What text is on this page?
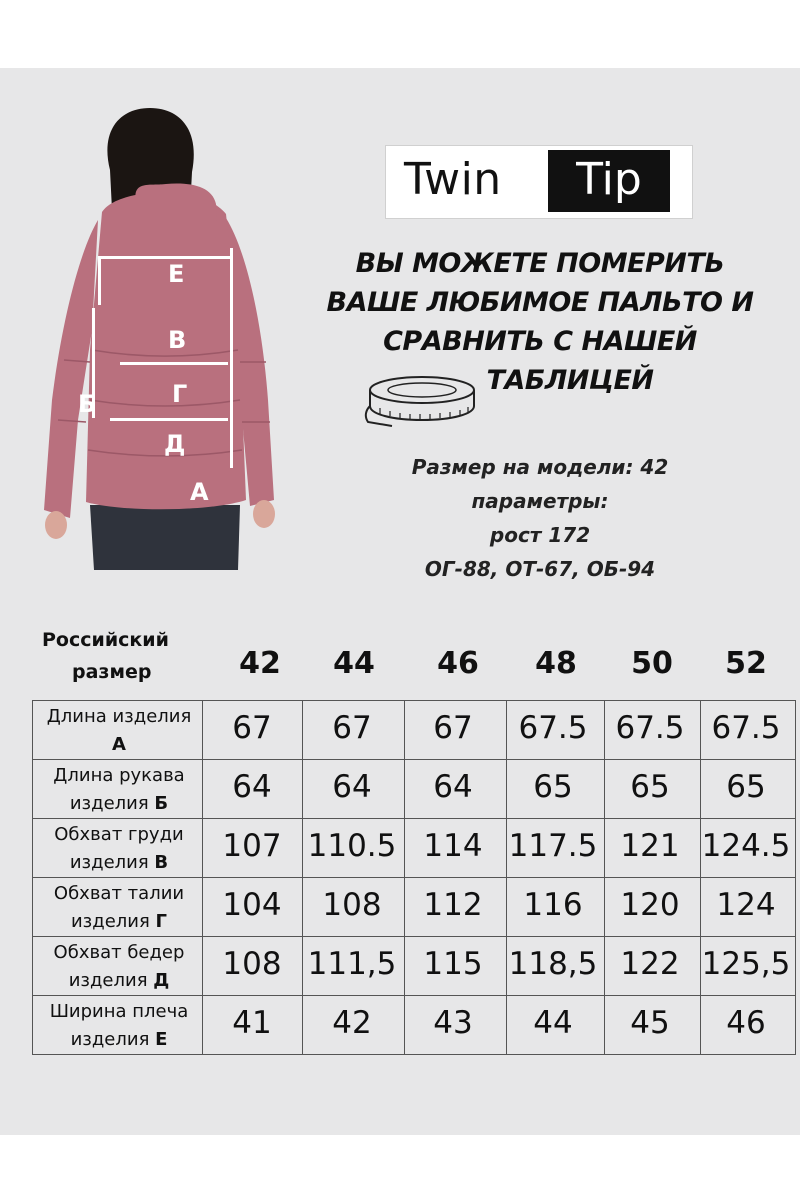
Е
В
Г
Б
Д
А
Twin	Tip
ВЫ МОЖЕТЕ ПОМЕРИТЬ
ВАШЕ ЛЮБИМОЕ ПАЛЬТО И
СРАВНИТЬ С НАШЕЙ
ТАБЛИЦЕЙ
Размер на модели: 42
параметры:
рост 172
ОГ-88, ОТ-67, ОБ-94
Российский
размер	42	44	46	48	50	52
Длина изделия
А	67	67	67	67.5 67.5 67.5
Длина рукава
изделия Б	64	64	64	65	65	65
Обхват груди
изделия В	107 110.5 114 117.5 121 124.5
Обхват талии
изделия Г	104	108	112	116	120	124
Обхват бедер
изделия Д	108 111,5 115 118,5 122 125,5
Ширина плеча
изделия Е	41	42	43	44	45	46
